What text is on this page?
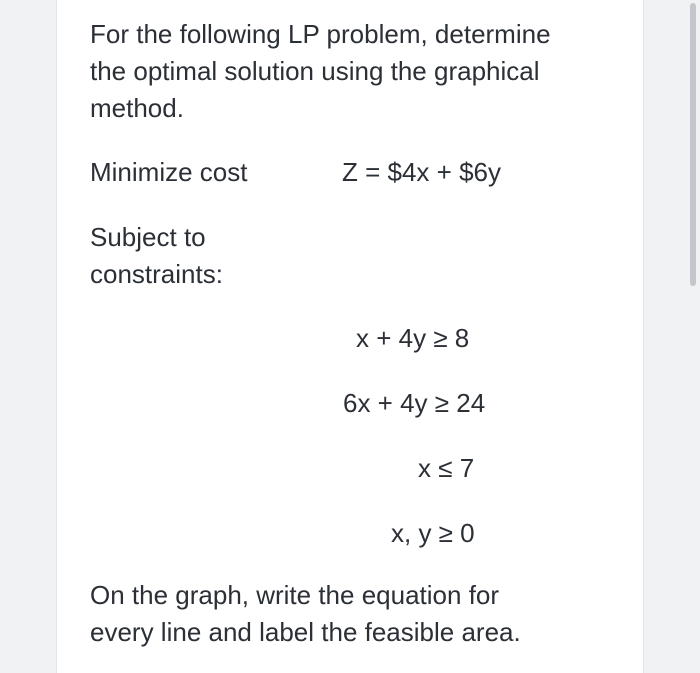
For the following LP problem, determine
the optimal solution using the graphical
method.
Minimize cost	Z = $4x + $6y
Subject to
constraints:
x + 4y ≥ 8
6x + 4y ≥ 24
x ≤ 7
x, y ≥ 0
On the graph, write the equation for
every line and label the feasible area.
